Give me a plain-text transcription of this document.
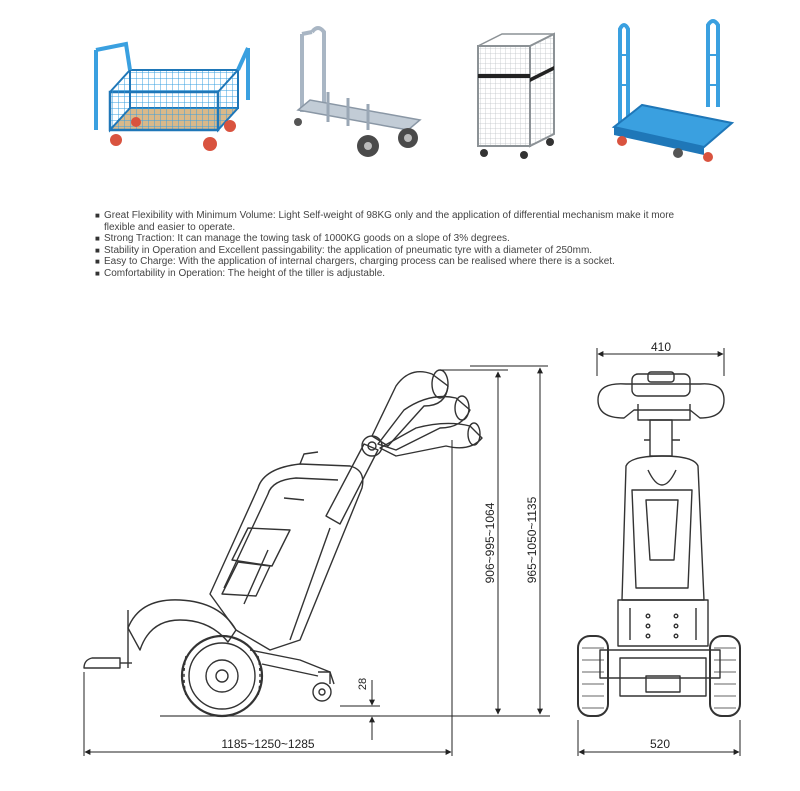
■ Great Flexibility with Minimum Volume: Light Self-weight of 98KG only and the application of differential mechanism make it more flexible and easier to operate.
■ Strong Traction: It can manage the towing task of 1000KG goods on a slope of 3% degrees.
■ Stability in Operation and Excellent passingability: the application of pneumatic tyre with a diameter of 250mm.
■ Easy to Charge: With the application of internal chargers, charging process can be realised where there is a socket.
■ Comfortability in Operation: The height of the tiller is adjustable.
410
906~995~1064 965~1050~1135
28
1185~1250~1285	520
